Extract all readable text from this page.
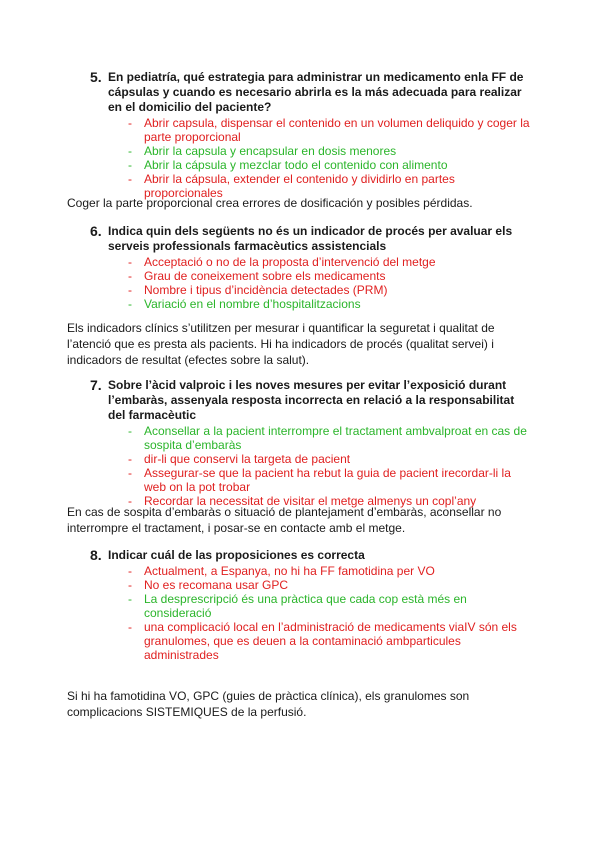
5. En pediatría, qué estrategia para administrar un medicamento enla FF de cápsulas y cuando es necesario abrirla es la más adecuada para realizar en el domicilio del paciente?
- Abrir capsula, dispensar el contenido en un volumen deliquido y coger la parte proporcional
- Abrir la capsula y encapsular en dosis menores
- Abrir la cápsula y mezclar todo el contenido con alimento
- Abrir la cápsula, extender el contenido y dividirlo en partes proporcionales
Coger la parte proporcional crea errores de dosificación y posibles pérdidas.
6. Indica quin dels següents no és un indicador de procés per avaluar els serveis professionals farmacèutics assistencials
- Acceptació o no de la proposta d’intervenció del metge
- Grau de coneixement sobre els medicaments
- Nombre i tipus d’incidència detectades (PRM)
- Variació en el nombre d’hospitalitzacions
Els indicadors clínics s’utilitzen per mesurar i quantificar la seguretat i qualitat de l’atenció que es presta als pacients. Hi ha indicadors de procés (qualitat servei) i indicadors de resultat (efectes sobre la salut).
7. Sobre l’àcid valproic i les noves mesures per evitar l’exposició durant l’embaràs, assenyala resposta incorrecta en relació a la responsabilitat del farmacèutic
- Aconsellar a la pacient interrompre el tractament ambvalproat en cas de sospita d’embaràs
- dir-li que conservi la targeta de pacient
- Assegurar-se que la pacient ha rebut la guia de pacient irecordar-li la web on la pot trobar
- Recordar la necessitat de visitar el metge almenys un copl’any
En cas de sospita d’embaràs o situació de plantejament d’embaràs, aconsellar no interrompre el tractament, i posar-se en contacte amb el metge.
8. Indicar cuál de las proposiciones es correcta
- Actualment, a Espanya, no hi ha FF famotidina per VO
- No es recomana usar GPC
- La desprescripció és una pràctica que cada cop està més en consideració
- una complicació local en l’administració de medicaments viaIV són els granulomes, que es deuen a la contaminació ambparticules administrades
Si hi ha famotidina VO, GPC (guies de pràctica clínica), els granulomes son complicacions SISTEMIQUES de la perfusió.
